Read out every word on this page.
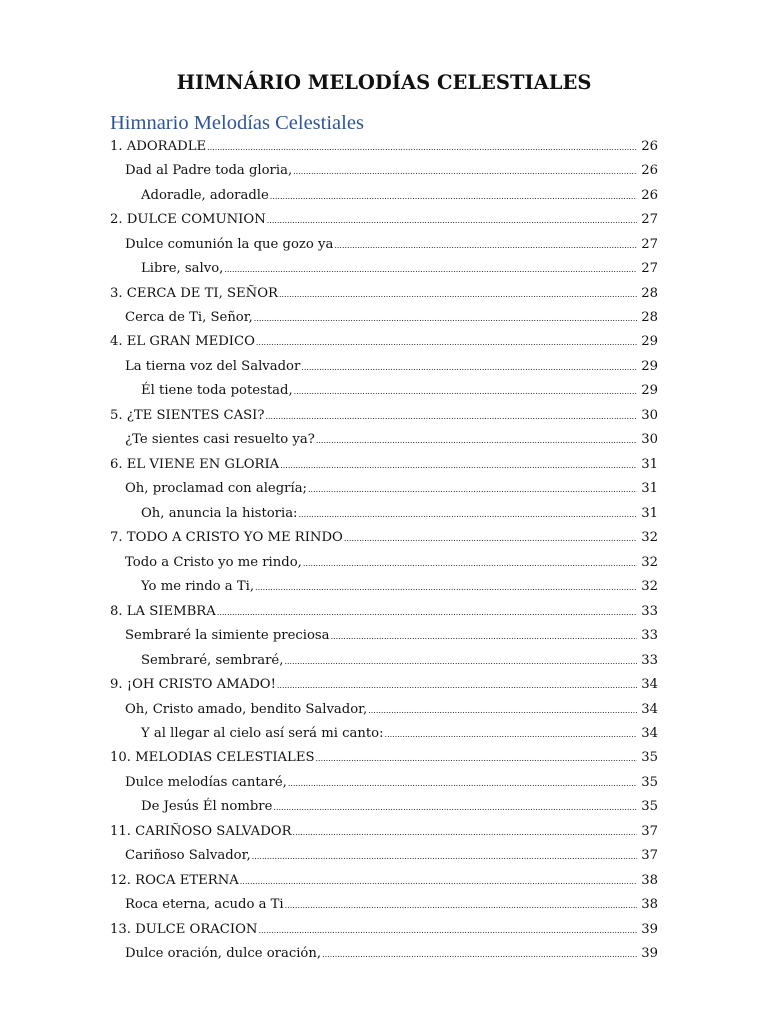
HIMNÁRIO MELODÍAS CELESTIALES
Himnario Melodías Celestiales
1. ADORADLE .....	26
Dad al Padre toda gloria, .....	26
Adoradle, adoradle .....	26
2. DULCE COMUNION .....	27
Dulce comunión la que gozo ya .....	27
Libre, salvo, .....	27
3. CERCA DE TI, SEÑOR .....	28
Cerca de Ti, Señor, .....	28
4. EL GRAN MEDICO .....	29
La tierna voz del Salvador .....	29
Él tiene toda potestad, .....	29
5. ¿TE SIENTES CASI? .....	30
¿Te sientes casi resuelto ya? .....	30
6. EL VIENE EN GLORIA .....	31
Oh, proclamad con alegría; .....	31
Oh, anuncia la historia: .....	31
7. TODO A CRISTO YO ME RINDO .....	32
Todo a Cristo yo me rindo, .....	32
Yo me rindo a Ti, .....	32
8. LA SIEMBRA .....	33
Sembraré la simiente preciosa .....	33
Sembraré, sembraré, .....	33
9. ¡OH CRISTO AMADO! .....	34
Oh, Cristo amado, bendito Salvador, .....	34
Y al llegar al cielo así será mi canto: .....	34
10. MELODIAS CELESTIALES .....	35
Dulce melodías cantaré, .....	35
De Jesús Él nombre .....	35
11. CARIÑOSO SALVADOR .....	37
Cariñoso Salvador, .....	37
12. ROCA ETERNA .....	38
Roca eterna, acudo a Ti .....	38
13. DULCE ORACION .....	39
Dulce oración, dulce oración, .....	39
